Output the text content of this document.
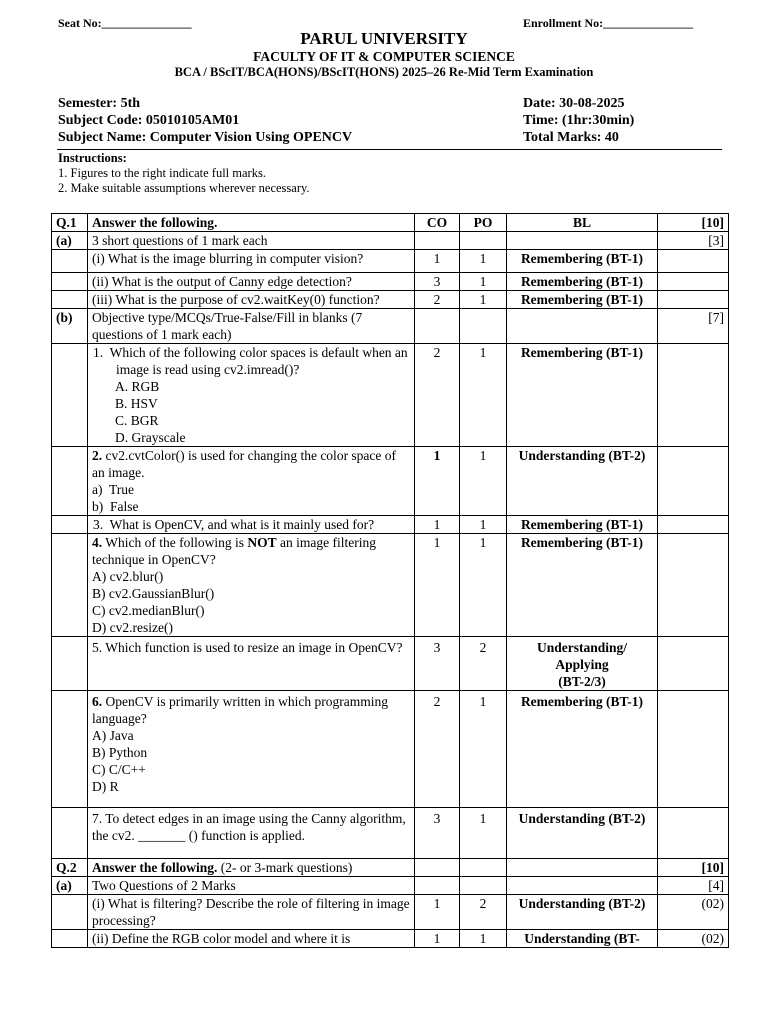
Seat No:_______________	Enrollment No:_______________
PARUL UNIVERSITY
FACULTY OF IT & COMPUTER SCIENCE
BCA / BScIT/BCA(HONS)/BScIT(HONS) 2025–26 Re-Mid Term Examination
Semester: 5th
Subject Code: 05010105AM01
Subject Name: Computer Vision Using OPENCV
Date: 30-08-2025
Time: (1hr:30min)
Total Marks: 40
Instructions:
1. Figures to the right indicate full marks.
2. Make suitable assumptions wherever necessary.
Q.1	Answer the following.	CO	PO	BL	[10]
(a)	3 short questions of 1 mark each				[3]
	(i) What is the image blurring in computer vision?	1	1	Remembering (BT-1)	
	(ii) What is the output of Canny edge detection?	3	1	Remembering (BT-1)	
	(iii) What is the purpose of cv2.waitKey(0) function?	2	1	Remembering (BT-1)	
(b)	Objective type/MCQs/True-False/Fill in blanks (7 questions of 1 mark each)				[7]

	1. Which of the following color spaces is default when an image is read using cv2.imread()?
A. RGB
B. HSV
C. BGR
D. Grayscale	2	1	Remembering (BT-1)	

	2. cv2.cvtColor() is used for changing the color space of an image.
a)  True
b)  False	1	1	Understanding (BT-2)	

	3. What is OpenCV, and what is it mainly used for?	1	1	Remembering (BT-1)	

	4. Which of the following is NOT an image filtering technique in OpenCV?
A) cv2.blur()
B) cv2.GaussianBlur()
C) cv2.medianBlur()
D) cv2.resize()	1	1	Remembering (BT-1)	
	5. Which function is used to resize an image in OpenCV?	3	2	Understanding/
Applying
(BT-2/3)	

	6. OpenCV is primarily written in which programming language?
A) Java
B) Python
C) C/C++
D) R	2	1	Remembering (BT-1)	
	7. To detect edges in an image using the Canny algorithm, the cv2. _______ () function is applied.	3	1	Understanding (BT-2)	
Q.2	Answer the following. (2- or 3-mark questions)				[10]
(a)	Two Questions of 2 Marks				[4]
	(i) What is filtering? Describe the role of filtering in image processing?	1	2	Understanding (BT-2)	(02)
	(ii) Define the RGB color model and where it is	1	1	Understanding (BT-	(02)
